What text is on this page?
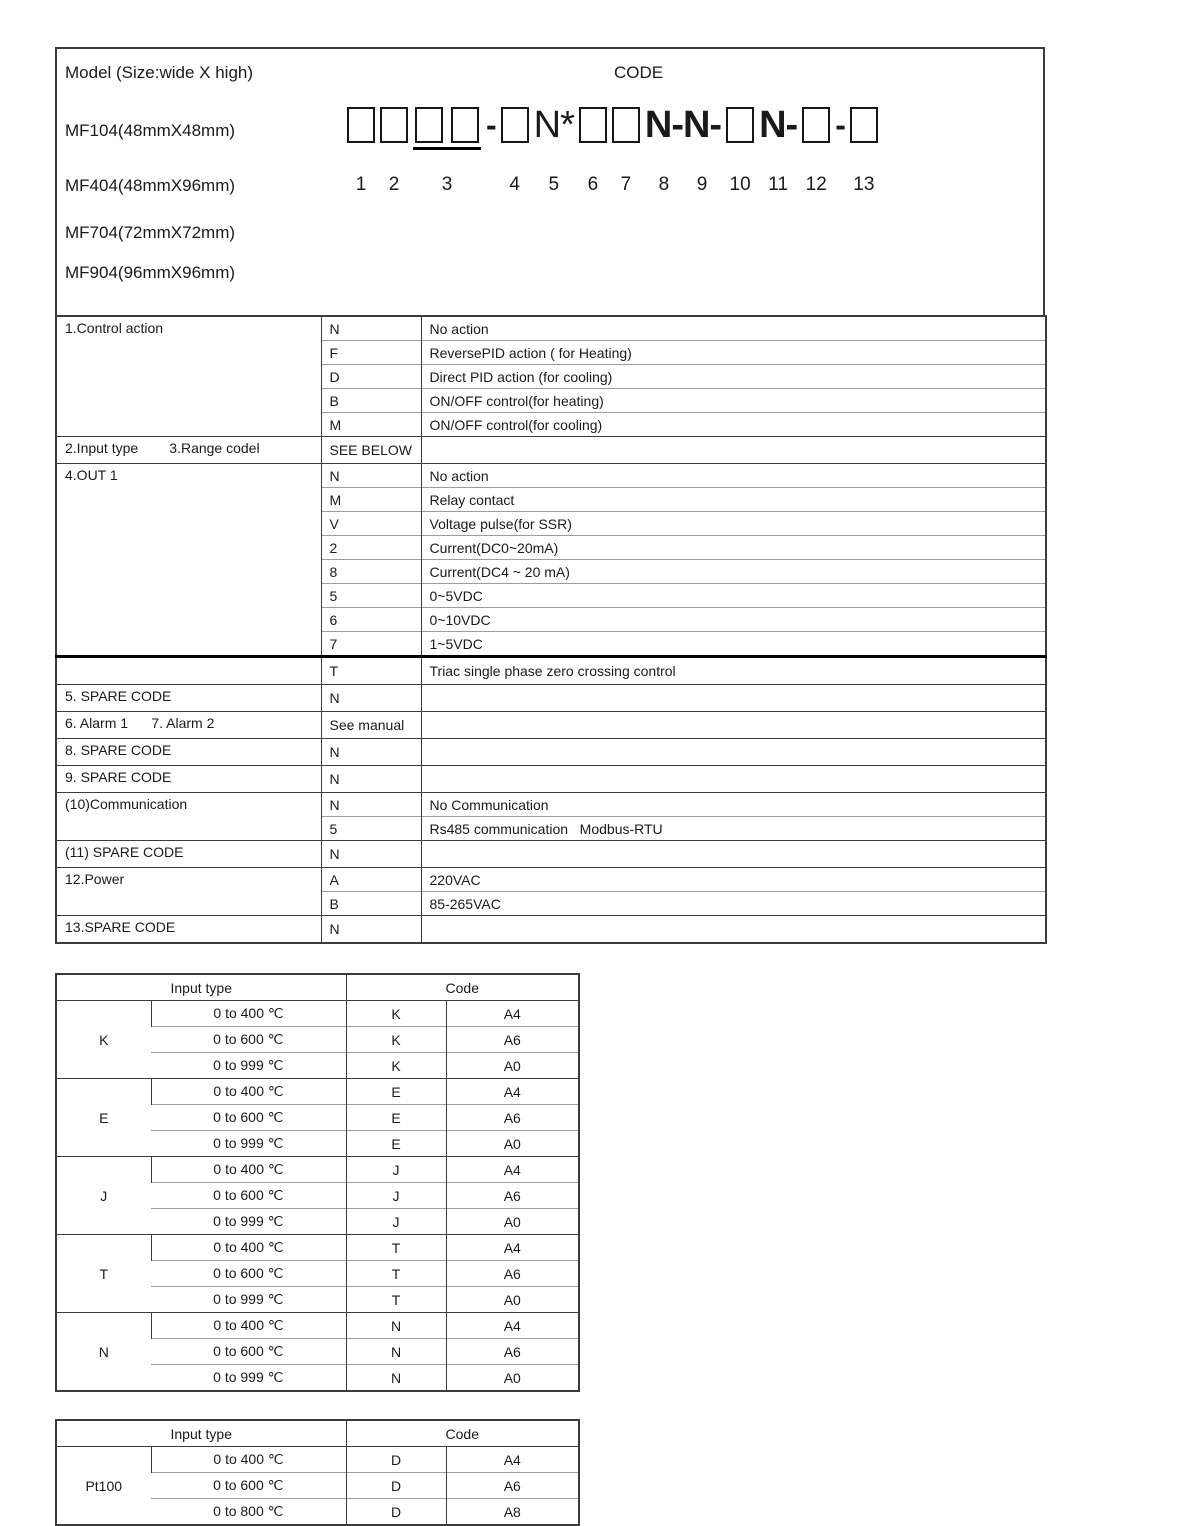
Model (Size:wide X high)	CODE
MF104(48mmX48mm)
MF404(48mmX96mm)
MF704(72mmX72mm)
MF904(96mmX96mm)
1 2 3
-
4
N*
5 6 7
N-N-
8 9 10
N-
11 12
-
13
1.Control action	N	No action
	F	ReversePID action ( for Heating)
	D	Direct PID action (for cooling)
	B	ON/OFF control(for heating)
	M	ON/OFF control(for cooling)
2.Input type        3.Range codel	SEE BELOW	
4.OUT 1	N	No action
	M	Relay contact
	V	Voltage pulse(for SSR)
	2	Current(DC0~20mA)
	8	Current(DC4 ~ 20 mA)
	5	0~5VDC
	6	0~10VDC
	7	1~5VDC
	T	Triac single phase zero crossing control
5. SPARE CODE	N	
6. Alarm 1      7. Alarm 2	See manual	
8. SPARE CODE	N	
9. SPARE CODE	N	
(10)Communication	N	No Communication
	5	Rs485 communication   Modbus-RTU
(11) SPARE CODE	N	
12.Power	A	220VAC
	B	85-265VAC
13.SPARE CODE	N	
Input type		Code	
K	0 to 400 ℃	K	A4
	0 to 600 ℃	K	A6
	0 to 999 ℃	K	A0
E	0 to 400 ℃	E	A4
	0 to 600 ℃	E	A6
	0 to 999 ℃	E	A0
J	0 to 400 ℃	J	A4
	0 to 600 ℃	J	A6
	0 to 999 ℃	J	A0
T	0 to 400 ℃	T	A4
	0 to 600 ℃	T	A6
	0 to 999 ℃	T	A0
N	0 to 400 ℃	N	A4
	0 to 600 ℃	N	A6
	0 to 999 ℃	N	A0
Input type		Code	
Pt100	0 to 400 ℃	D	A4
	0 to 600 ℃	D	A6
	0 to 800 ℃	D	A8
